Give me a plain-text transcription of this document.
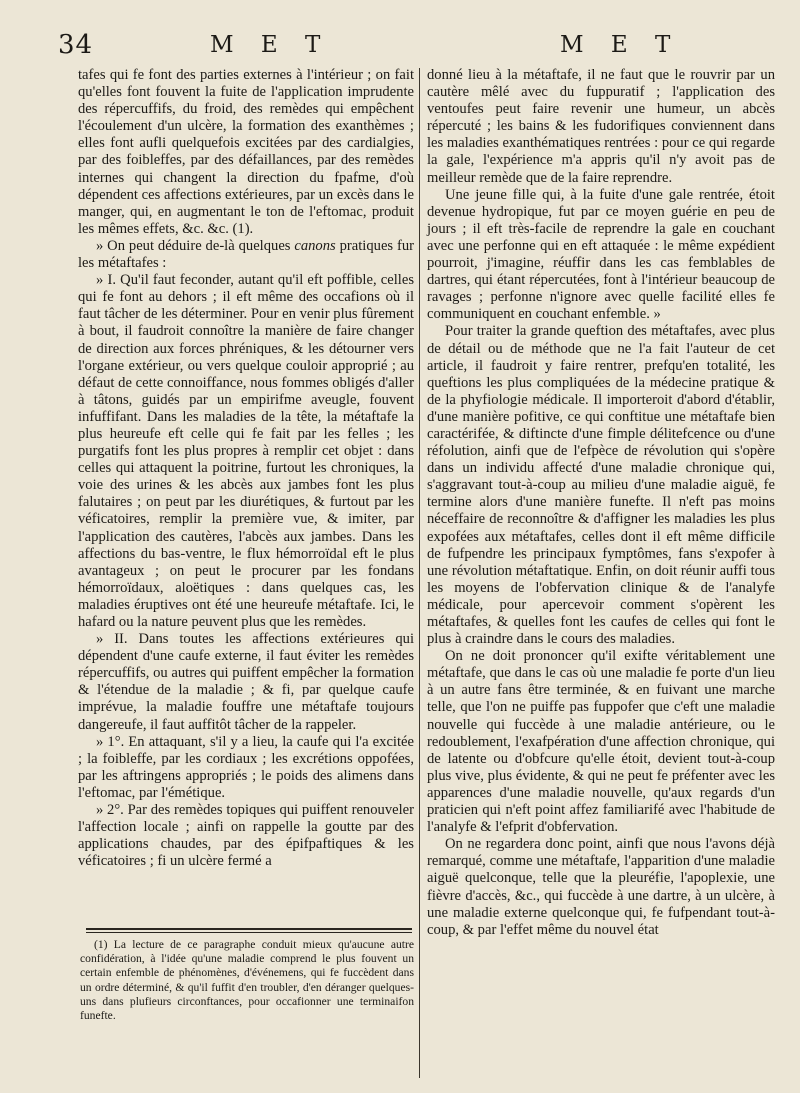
34	M E T	M E T

tafes qui fe font des parties externes à l'intérieur ; on fait qu'elles font fouvent la fuite de l'application imprudente des répercuffifs, du froid, des remèdes qui empêchent l'écoulement d'un ulcère, la formation des exanthèmes ; elles font aufli quelquefois excitées par des cardialgies, par des foibleffes, par des défaillances, par des remèdes internes qui changent la direction du fpafme, d'où dépendent ces affections extérieures, par un excès dans le manger, qui, en augmentant le ton de l'eftomac, produit les mêmes effets, &c. &c. (1).

» On peut déduire de-là quelques canons pratiques fur les métaftafes :

» I. Qu'il faut feconder, autant qu'il eft poffible, celles qui fe font au dehors ; il eft même des occafions où il faut tâcher de les déterminer. Pour en venir plus fûrement à bout, il faudroit connoître la manière de faire changer de direction aux forces phréniques, & les détourner vers l'organe extérieur, ou vers quelque couloir approprié ; au défaut de cette connoiffance, nous fommes obligés d'aller à tâtons, guidés par un empirifme aveugle, fouvent infuffifant. Dans les maladies de la tête, la métaftafe la plus heureufe eft celle qui fe fait par les felles ; les purgatifs font les plus propres à remplir cet objet : dans celles qui attaquent la poitrine, furtout les chroniques, la voie des urines & les abcès aux jambes font les plus falutaires ; on peut par les diurétiques, & furtout par les véficatoires, remplir la première vue, & imiter, par l'application des cautères, l'abcès aux jambes. Dans les affections du bas-ventre, le flux hémorroïdal eft le plus avantageux ; on peut le procurer par les fondans hémorroïdaux, aloëtiques : dans quelques cas, les maladies éruptives ont été une heureufe métaftafe. Ici, le hafard ou la nature peuvent plus que les remèdes.

» II. Dans toutes les affections extérieures qui dépendent d'une caufe externe, il faut éviter les remèdes répercuffifs, ou autres qui puiffent empêcher la formation & l'étendue de la maladie ; & fi, par quelque caufe imprévue, la maladie fouffre une métaftafe toujours dangereufe, il faut auffitôt tâcher de la rappeler.

» 1°. En attaquant, s'il y a lieu, la caufe qui l'a excitée ; la foibleffe, par les cordiaux ; les excrétions oppofées, par les aftringens appropriés ; le poids des alimens dans l'eftomac, par l'émétique.

» 2°. Par des remèdes topiques qui puiffent renouveler l'affection locale ; ainfi on rappelle la goutte par des applications chaudes, par des épifpaftiques & les véficatoires ; fi un ulcère fermé a

donné lieu à la métaftafe, il ne faut que le rouvrir par un cautère mêlé avec du fuppuratif ; l'application des ventoufes peut faire revenir une humeur, un abcès répercuté ; les bains & les fudorifiques conviennent dans les maladies exanthématiques rentrées : pour ce qui regarde la gale, l'expérience m'a appris qu'il n'y avoit pas de meilleur remède que de la faire reprendre.

Une jeune fille qui, à la fuite d'une gale rentrée, étoit devenue hydropique, fut par ce moyen guérie en peu de jours ; il eft très-facile de reprendre la gale en couchant avec une perfonne qui en eft attaquée : le même expédient pourroit, j'imagine, réuffir dans les cas femblables de dartres, qui étant répercutées, font à l'intérieur beaucoup de ravages ; perfonne n'ignore avec quelle facilité elles fe communiquent en couchant enfemble. »

Pour traiter la grande queftion des métaftafes, avec plus de détail ou de méthode que ne l'a fait l'auteur de cet article, il faudroit y faire rentrer, prefqu'en totalité, les queftions les plus compliquées de la médecine pratique & de la phyfiologie médicale. Il importeroit d'abord d'établir, d'une manière pofitive, ce qui conftitue une métaftafe bien caractérifée, & diftincte d'une fimple délitefcence ou d'une réfolution, ainfi que de l'efpèce de révolution qui s'opère dans un individu affecté d'une maladie chronique qui, s'aggravant tout-à-coup au milieu d'une maladie aiguë, fe termine alors d'une manière funefte. Il n'eft pas moins néceffaire de reconnoître & d'affigner les maladies les plus expofées aux métaftafes, celles dont il eft même difficile de fufpendre les principaux fymptômes, fans s'expofer à une révolution métaftatique. Enfin, on doit réunir auffi tous les moyens de l'obfervation clinique & de l'analyfe médicale, pour apercevoir comment s'opèrent les métaftafes, & quelles font les caufes de celles qui font le plus à craindre dans le cours des maladies.

On ne doit prononcer qu'il exifte véritablement une métaftafe, que dans le cas où une maladie fe porte d'un lieu à un autre fans être terminée, & en fuivant une marche telle, que l'on ne puiffe pas fuppofer que c'eft une maladie nouvelle qui fuccède à une maladie antérieure, ou le redoublement, l'exafpération d'une affection chronique, qui de latente ou d'obfcure qu'elle étoit, devient tout-à-coup plus vive, plus évidente, & qui ne peut fe préfenter avec les apparences d'une maladie nouvelle, qu'aux regards d'un praticien qui n'eft point affez familiarifé avec l'habitude de l'analyfe & l'efprit d'obfervation.

On ne regardera donc point, ainfi que nous l'avons déjà remarqué, comme une métaftafe, l'apparition d'une maladie aiguë quelconque, telle que la pleuréfie, l'apoplexie, une fièvre d'accès, &c., qui fuccède à une dartre, à un ulcère, à une maladie externe quelconque qui, fe fufpendant tout-à-coup, & par l'effet même du nouvel état

(1) La lecture de ce paragraphe conduit mieux qu'aucune autre confidération, à l'idée qu'une maladie comprend le plus fouvent un certain enfemble de phénomènes, d'événemens, qui fe fuccèdent dans un ordre déterminé, & qu'il fuffit d'en troubler, d'en déranger quelques-uns dans plufieurs circonftances, pour occafionner une terminaifon funefte.
